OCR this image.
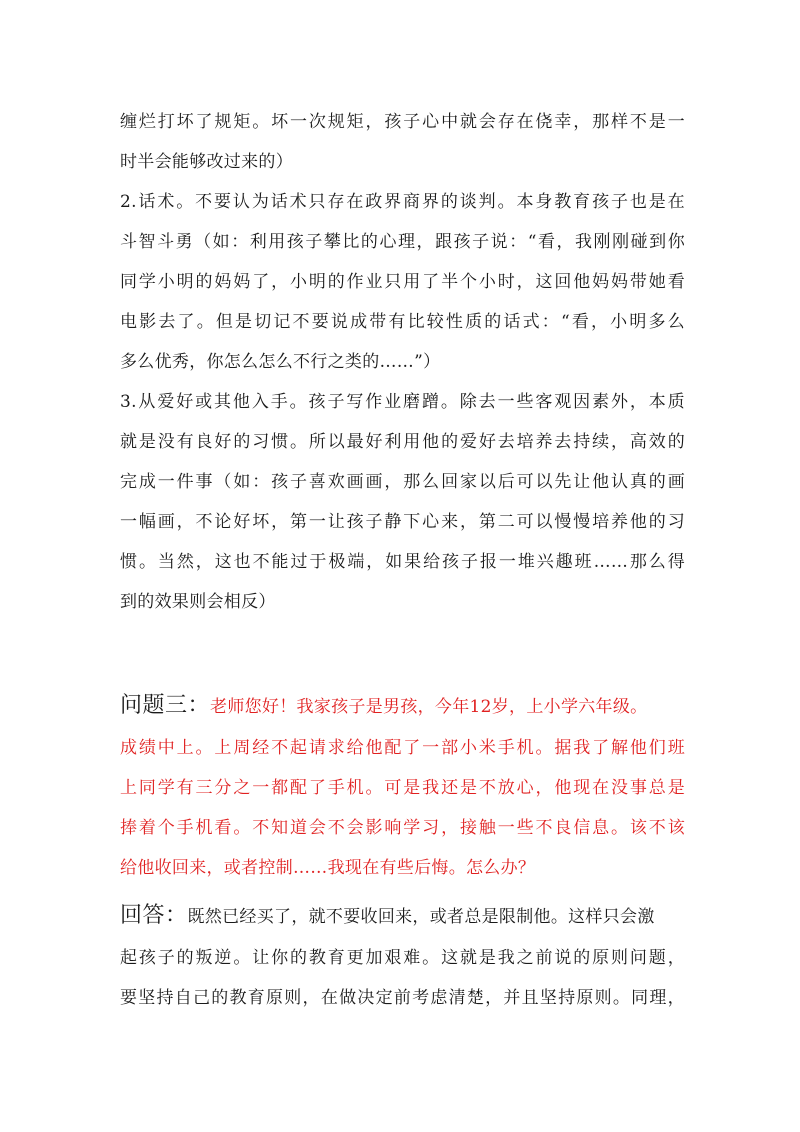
缠烂打坏了规矩。坏一次规矩，孩子心中就会存在侥幸，那样不是一
时半会能够改过来的）
2.话术。不要认为话术只存在政界商界的谈判。本身教育孩子也是在
斗智斗勇（如：利用孩子攀比的心理，跟孩子说：“看，我刚刚碰到你
同学小明的妈妈了，小明的作业只用了半个小时，这回他妈妈带她看
电影去了。但是切记不要说成带有比较性质的话式：“看，小明多么
多么优秀，你怎么怎么不行之类的……”）
3.从爱好或其他入手。孩子写作业磨蹭。除去一些客观因素外，本质
就是没有良好的习惯。所以最好利用他的爱好去培养去持续，高效的
完成一件事（如：孩子喜欢画画，那么回家以后可以先让他认真的画
一幅画，不论好坏，第一让孩子静下心来，第二可以慢慢培养他的习
惯。当然，这也不能过于极端，如果给孩子报一堆兴趣班……那么得
到的效果则会相反）
问题三：老师您好！我家孩子是男孩，今年12岁，上小学六年级。
成绩中上。上周经不起请求给他配了一部小米手机。据我了解他们班
上同学有三分之一都配了手机。可是我还是不放心，他现在没事总是
捧着个手机看。不知道会不会影响学习，接触一些不良信息。该不该
给他收回来，或者控制……我现在有些后悔。怎么办？
回答：既然已经买了，就不要收回来，或者总是限制他。这样只会激
起孩子的叛逆。让你的教育更加艰难。这就是我之前说的原则问题，
要坚持自己的教育原则，在做决定前考虑清楚，并且坚持原则。同理，
